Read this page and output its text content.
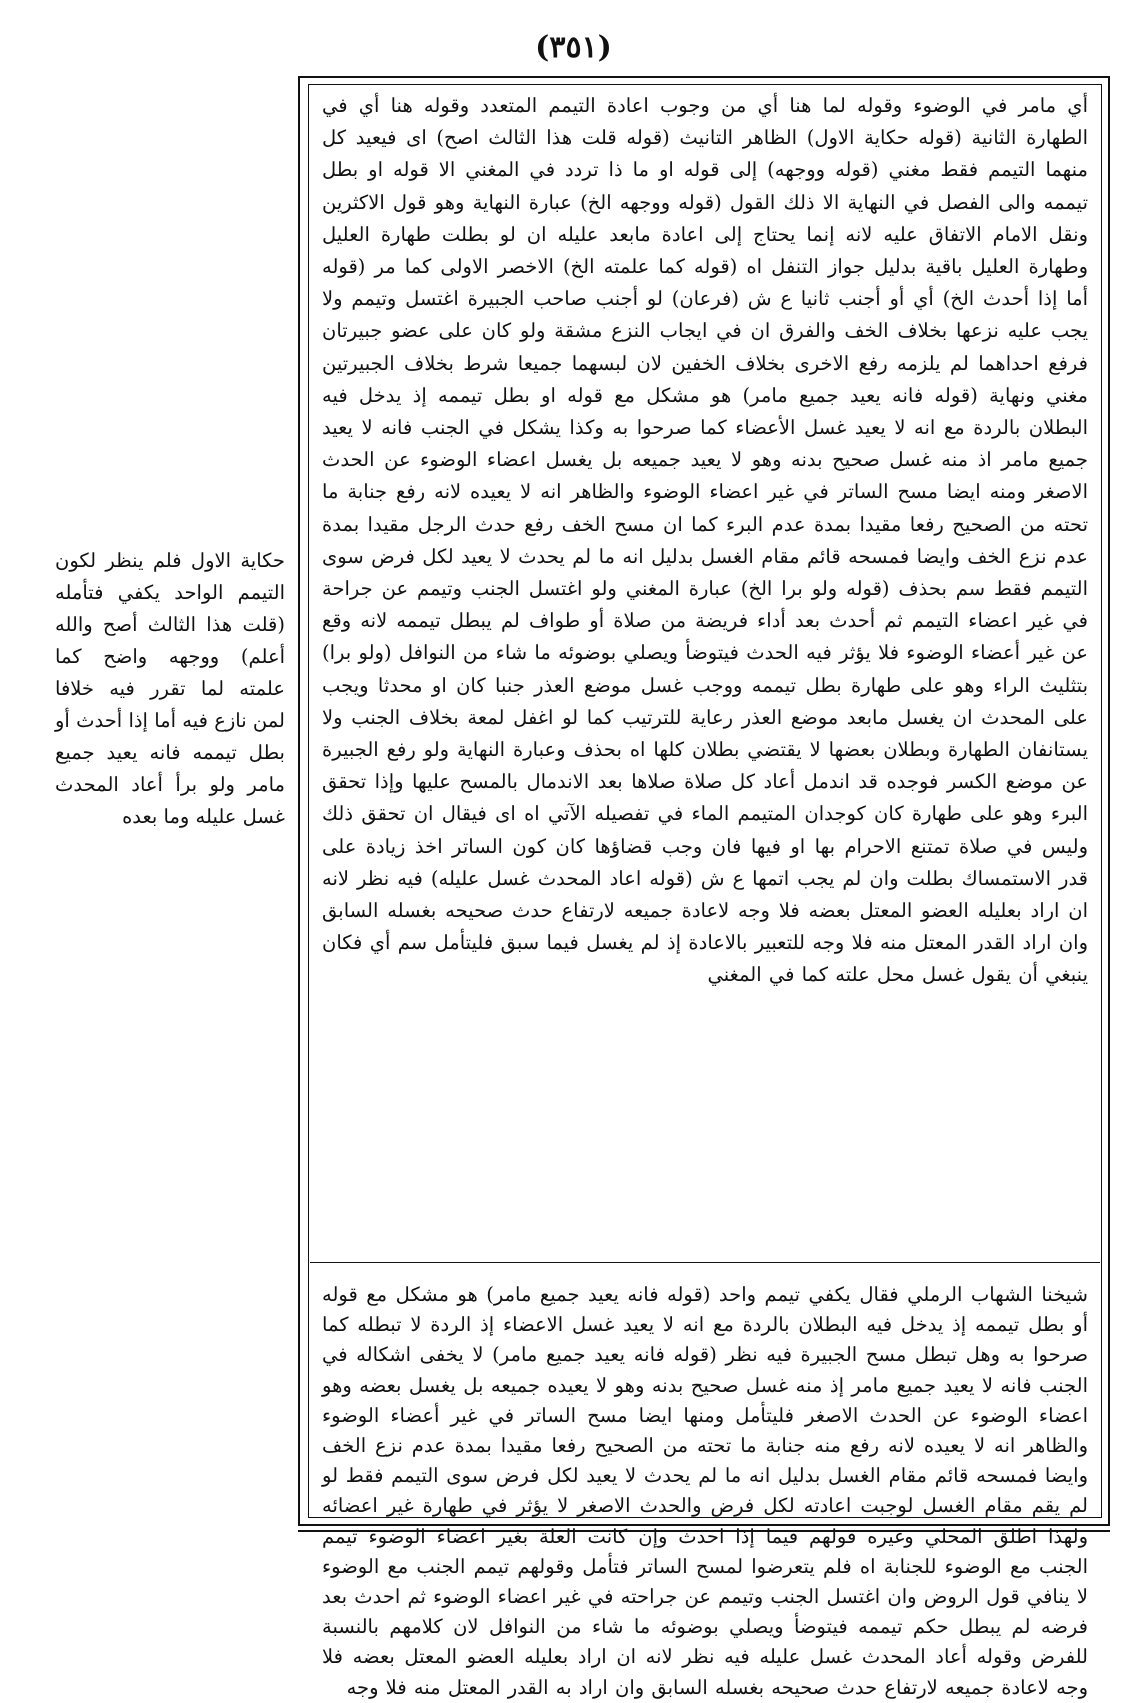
(٣٥١)

أي مامر في الوضوء وقوله لما هنا أي من وجوب اعادة التيمم المتعدد وقوله هنا أي في الطهارة الثانية (قوله حكاية الاول) الظاهر التانيث (قوله قلت هذا الثالث اصح) اى فيعيد كل منهما التيمم فقط مغني (قوله ووجهه) إلى قوله او ما ذا تردد في المغني الا قوله او بطل تيممه والى الفصل في النهاية الا ذلك القول (قوله ووجهه الخ) عبارة النهاية وهو قول الاكثرين ونقل الامام الاتفاق عليه لانه إنما يحتاج إلى اعادة مابعد عليله ان لو بطلت طهارة العليل وطهارة العليل باقية بدليل جواز التنفل اه (قوله كما علمته الخ) الاخصر الاولى كما مر (قوله أما إذا أحدث الخ) أي أو أجنب ثانيا ع ش (فرعان) لو أجنب صاحب الجبيرة اغتسل وتيمم ولا يجب عليه نزعها بخلاف الخف والفرق ان في ايجاب النزع مشقة ولو كان على عضو جبيرتان فرفع احداهما لم يلزمه رفع الاخرى بخلاف الخفين لان لبسهما جميعا شرط بخلاف الجبيرتين مغني ونهاية (قوله فانه يعيد جميع مامر) هو مشكل مع قوله او بطل تيممه إذ يدخل فيه البطلان بالردة مع انه لا يعيد غسل الأعضاء كما صرحوا به وكذا يشكل في الجنب فانه لا يعيد جميع مامر اذ منه غسل صحيح بدنه وهو لا يعيد جميعه بل يغسل اعضاء الوضوء عن الحدث الاصغر ومنه ايضا مسح الساتر في غير اعضاء الوضوء والظاهر انه لا يعيده لانه رفع جنابة ما تحته من الصحيح رفعا مقيدا بمدة عدم البرء كما ان مسح الخف رفع حدث الرجل مقيدا بمدة عدم نزع الخف وايضا فمسحه قائم مقام الغسل بدليل انه ما لم يحدث لا يعيد لكل فرض سوى التيمم فقط سم بحذف (قوله ولو برا الخ) عبارة المغني ولو اغتسل الجنب وتيمم عن جراحة في غير اعضاء التيمم ثم أحدث بعد أداء فريضة من صلاة أو طواف لم يبطل تيممه لانه وقع عن غير أعضاء الوضوء فلا يؤثر فيه الحدث فيتوضأ ويصلي بوضوئه ما شاء من النوافل (ولو برا) بتثليث الراء وهو على طهارة بطل تيممه ووجب غسل موضع العذر جنبا كان او محدثا ويجب على المحدث ان يغسل مابعد موضع العذر رعاية للترتيب كما لو اغفل لمعة بخلاف الجنب ولا يستانفان الطهارة وبطلان بعضها لا يقتضي بطلان كلها اه بحذف وعبارة النهاية ولو رفع الجبيرة عن موضع الكسر فوجده قد اندمل أعاد كل صلاة صلاها بعد الاندمال بالمسح عليها وإذا تحقق البرء وهو على طهارة كان كوجدان المتيمم الماء في تفصيله الآتي اه اى فيقال ان تحقق ذلك وليس في صلاة تمتنع الاحرام بها او فيها فان وجب قضاؤها كان كون الساتر اخذ زيادة على قدر الاستمساك بطلت وان لم يجب اتمها ع ش (قوله اعاد المحدث غسل عليله) فيه نظر لانه ان اراد بعليله العضو المعتل بعضه فلا وجه لاعادة جميعه لارتفاع حدث صحيحه بغسله السابق وان اراد القدر المعتل منه فلا وجه للتعبير بالاعادة إذ لم يغسل فيما سبق فليتأمل سم أي فكان ينبغي أن يقول غسل محل علته كما في المغني

شيخنا الشهاب الرملي فقال يكفي تيمم واحد (قوله فانه يعيد جميع مامر) هو مشكل مع قوله أو بطل تيممه إذ يدخل فيه البطلان بالردة مع انه لا يعيد غسل الاعضاء إذ الردة لا تبطله كما صرحوا به وهل تبطل مسح الجبيرة فيه نظر (قوله فانه يعيد جميع مامر) لا يخفى اشكاله في الجنب فانه لا يعيد جميع مامر إذ منه غسل صحيح بدنه وهو لا يعيده جميعه بل يغسل بعضه وهو اعضاء الوضوء عن الحدث الاصغر فليتأمل ومنها ايضا مسح الساتر في غير أعضاء الوضوء والظاهر انه لا يعيده لانه رفع منه جنابة ما تحته من الصحيح رفعا مقيدا بمدة عدم نزع الخف وايضا فمسحه قائم مقام الغسل بدليل انه ما لم يحدث لا يعيد لكل فرض سوى التيمم فقط لو لم يقم مقام الغسل لوجبت اعادته لكل فرض والحدث الاصغر لا يؤثر في طهارة غير اعضائه ولهذا اطلق المحلي وغيره قولهم فيما إذا احدث وإن كانت العلة بغير اعضاء الوضوء تيمم الجنب مع الوضوء للجنابة اه فلم يتعرضوا لمسح الساتر فتأمل وقولهم تيمم الجنب مع الوضوء لا ينافي قول الروض وان اغتسل الجنب وتيمم عن جراحته في غير اعضاء الوضوء ثم احدث بعد فرضه لم يبطل حكم تيممه فيتوضأ ويصلي بوضوئه ما شاء من النوافل لان كلامهم بالنسبة للفرض وقوله أعاد المحدث غسل عليله فيه نظر لانه ان اراد بعليله العضو المعتل بعضه فلا وجه لاعادة جميعه لارتفاع حدث صحيحه بغسله السابق وان اراد به القدر المعتل منه فلا وجه

حكاية الاول فلم ينظر لكون التيمم الواحد يكفي فتأمله (قلت هذا الثالث أصح والله أعلم) ووجهه واضح كما علمته لما تقرر فيه خلافا لمن نازع فيه أما إذا أحدث أو بطل تيممه فانه يعيد جميع مامر ولو برأ أعاد المحدث غسل عليله وما بعده
